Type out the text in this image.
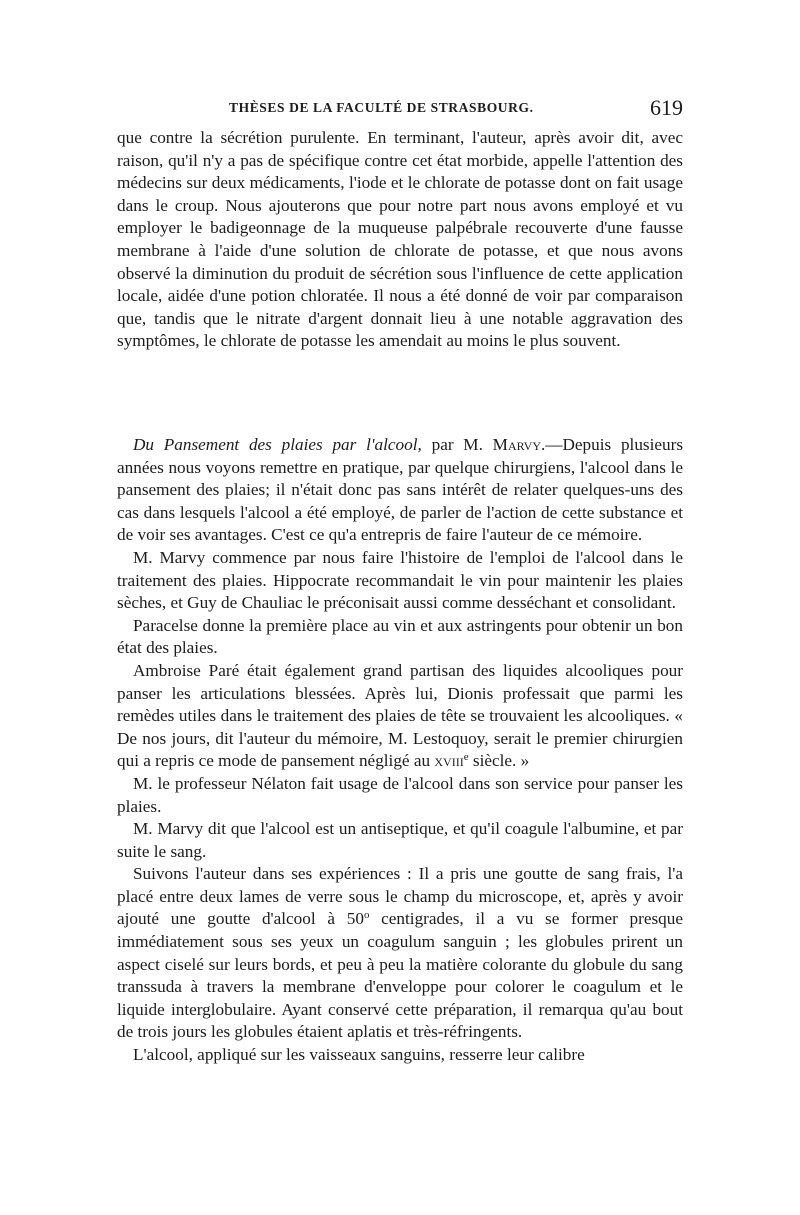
THÈSES DE LA FACULTÉ DE STRASBOURG.	619

que contre la sécrétion purulente. En terminant, l'auteur, après avoir dit, avec raison, qu'il n'y a pas de spécifique contre cet état morbide, appelle l'attention des médecins sur deux médicaments, l'iode et le chlorate de potasse dont on fait usage dans le croup. Nous ajouterons que pour notre part nous avons employé et vu employer le badigeonnage de la muqueuse palpébrale recouverte d'une fausse membrane à l'aide d'une solution de chlorate de potasse, et que nous avons observé la diminution du produit de sécrétion sous l'influence de cette application locale, aidée d'une potion chloratée. Il nous a été donné de voir par comparaison que, tandis que le nitrate d'argent donnait lieu à une notable aggravation des symptômes, le chlorate de potasse les amendait au moins le plus souvent.

Du Pansement des plaies par l'alcool, par M. Marvy.—Depuis plusieurs années nous voyons remettre en pratique, par quelque chirurgiens, l'alcool dans le pansement des plaies; il n'était donc pas sans intérêt de relater quelques-uns des cas dans lesquels l'alcool a été employé, de parler de l'action de cette substance et de voir ses avantages. C'est ce qu'a entrepris de faire l'auteur de ce mémoire.

M. Marvy commence par nous faire l'histoire de l'emploi de l'alcool dans le traitement des plaies. Hippocrate recommandait le vin pour maintenir les plaies sèches, et Guy de Chauliac le préconisait aussi comme desséchant et consolidant.

Paracelse donne la première place au vin et aux astringents pour obtenir un bon état des plaies.

Ambroise Paré était également grand partisan des liquides alcooliques pour panser les articulations blessées. Après lui, Dionis professait que parmi les remèdes utiles dans le traitement des plaies de tête se trouvaient les alcooliques. « De nos jours, dit l'auteur du mémoire, M. Lestoquoy, serait le premier chirurgien qui a repris ce mode de pansement négligé au xviii$^e$ siècle. »

M. le professeur Nélaton fait usage de l'alcool dans son service pour panser les plaies.

M. Marvy dit que l'alcool est un antiseptique, et qu'il coagule l'albumine, et par suite le sang.

Suivons l'auteur dans ses expériences : Il a pris une goutte de sang frais, l'a placé entre deux lames de verre sous le champ du microscope, et, après y avoir ajouté une goutte d'alcool à 50$^o$ centigrades, il a vu se former presque immédiatement sous ses yeux un coagulum sanguin ; les globules prirent un aspect ciselé sur leurs bords, et peu à peu la matière colorante du globule du sang transsuda à travers la membrane d'enveloppe pour colorer le coagulum et le liquide interglobulaire. Ayant conservé cette préparation, il remarqua qu'au bout de trois jours les globules étaient aplatis et très-réfringents.

L'alcool, appliqué sur les vaisseaux sanguins, resserre leur calibre
